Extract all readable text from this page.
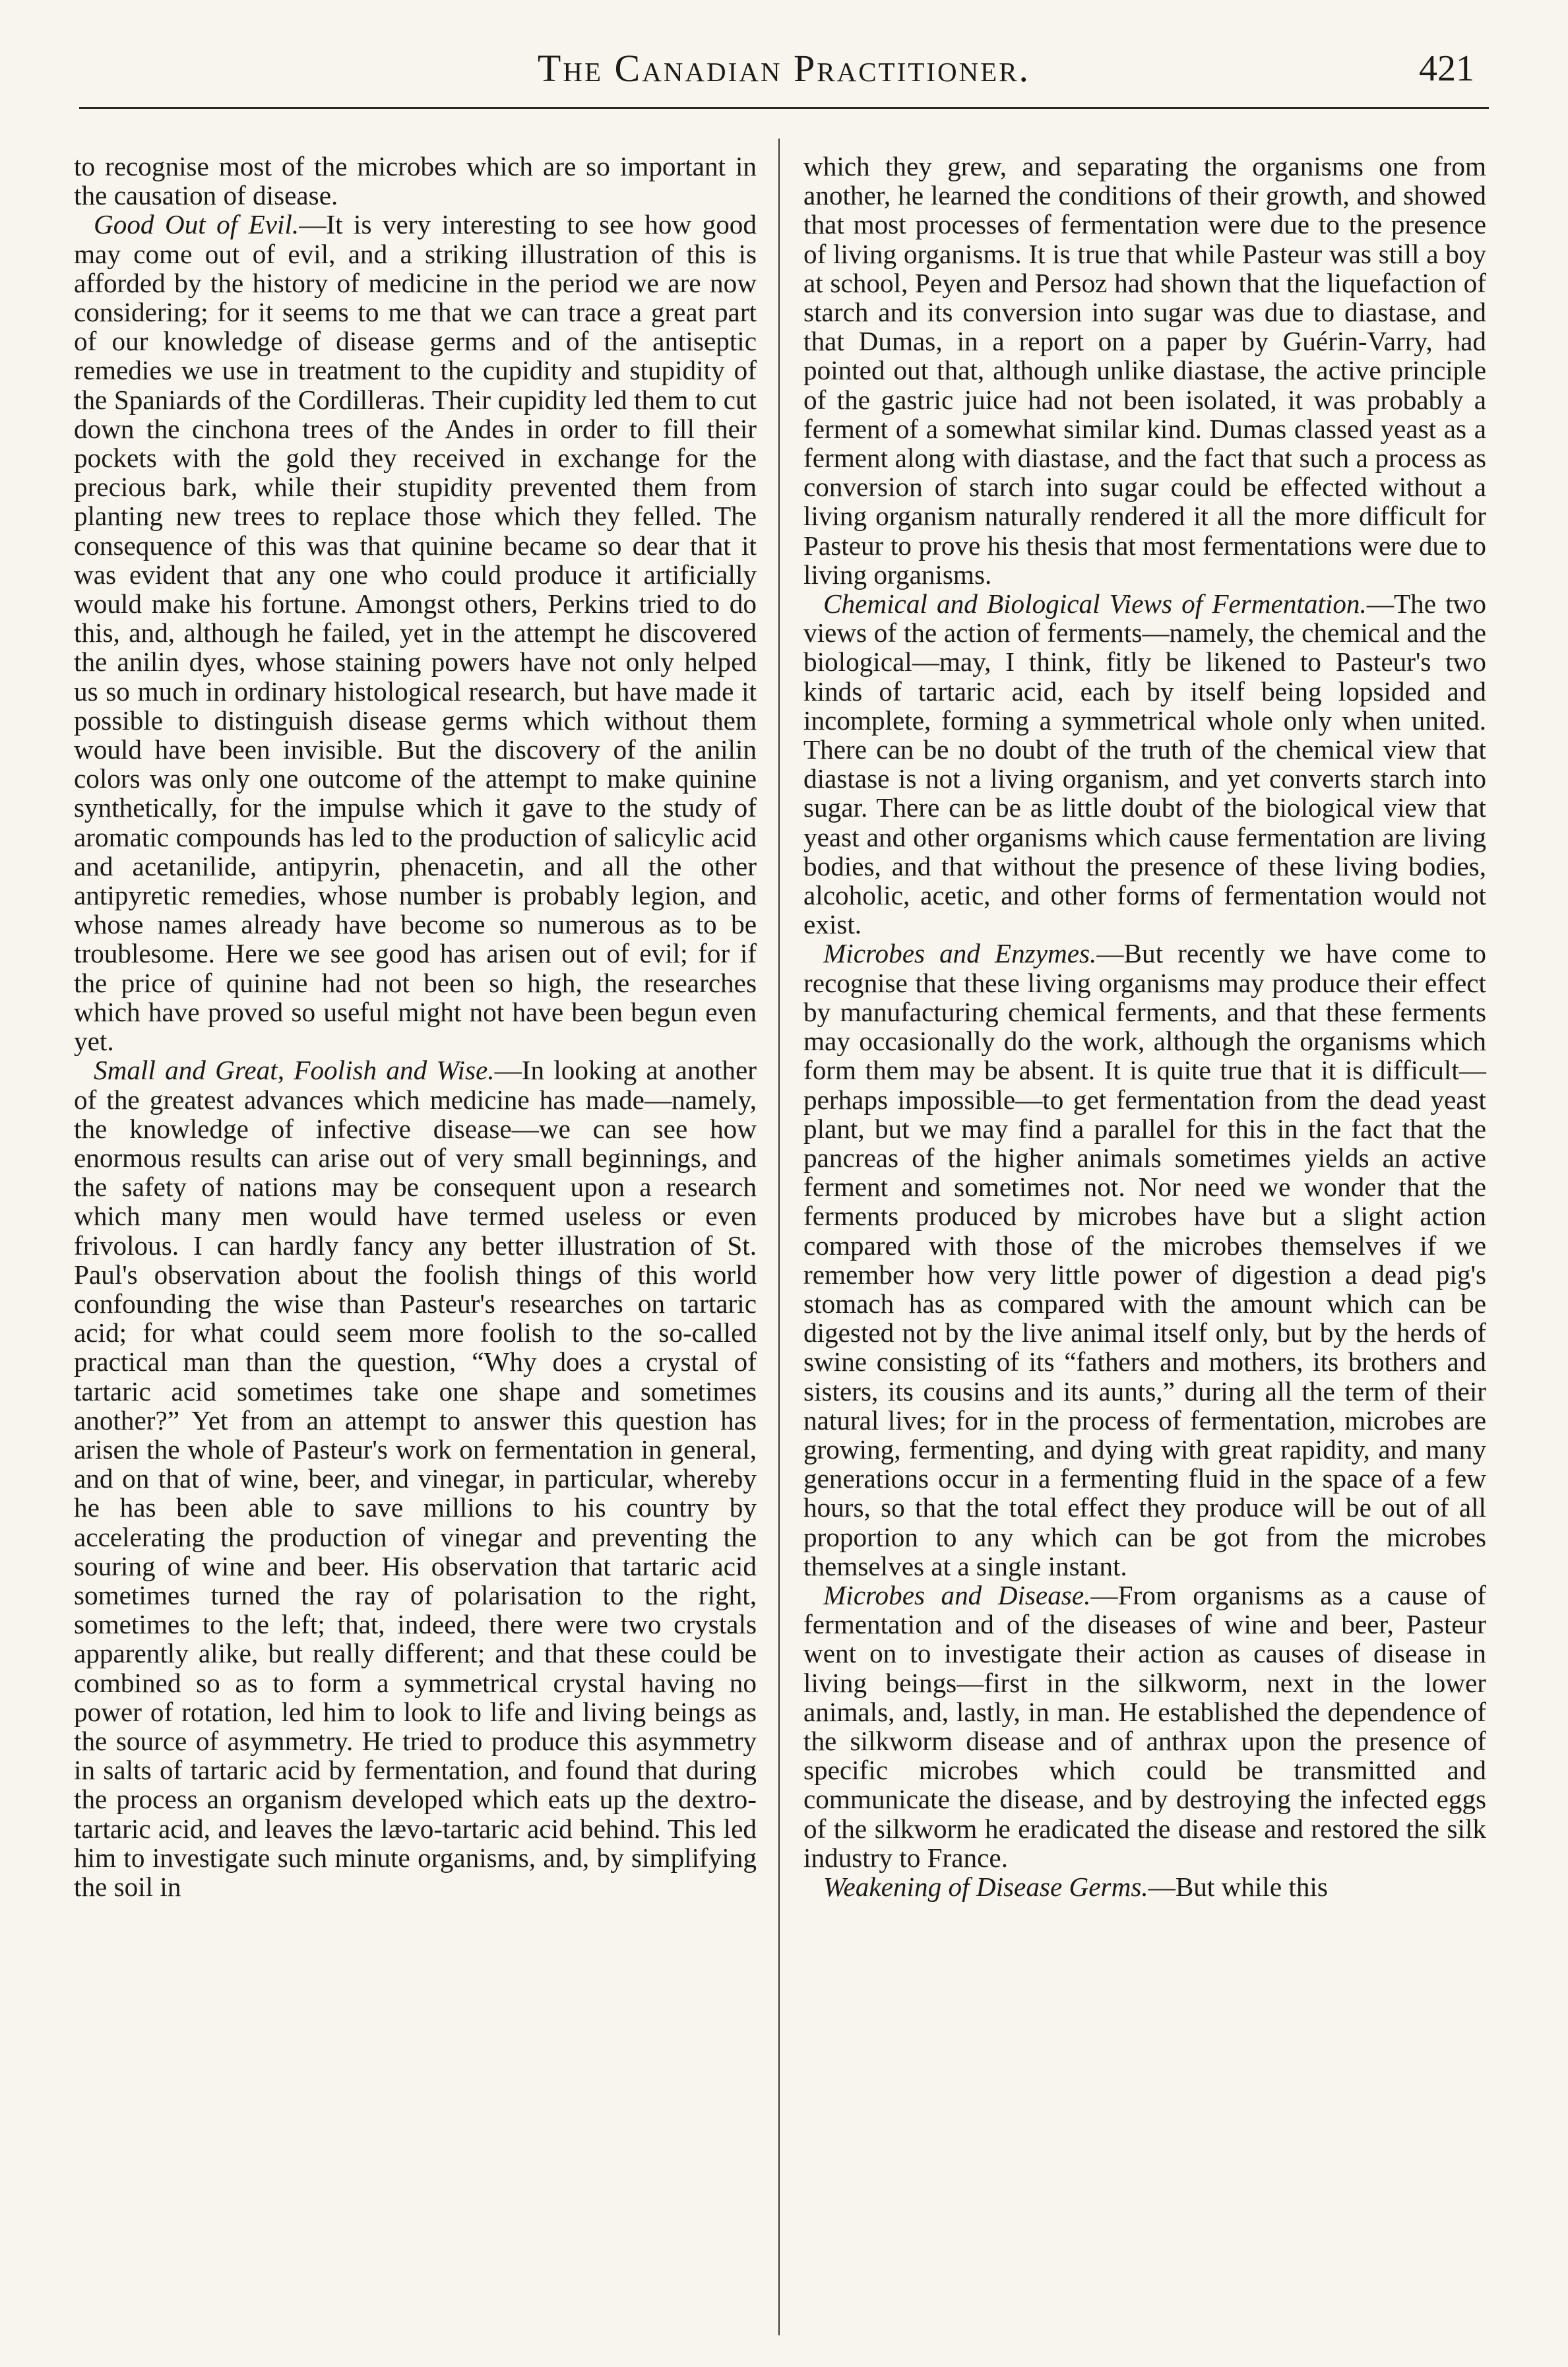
The Canadian Practitioner.	421

to recognise most of the microbes which are so important in the causation of disease.

Good Out of Evil.—It is very interesting to see how good may come out of evil, and a striking illustration of this is afforded by the history of medicine in the period we are now considering; for it seems to me that we can trace a great part of our knowledge of disease germs and of the antiseptic remedies we use in treatment to the cupidity and stupidity of the Spaniards of the Cordilleras. Their cupidity led them to cut down the cinchona trees of the Andes in order to fill their pockets with the gold they received in exchange for the precious bark, while their stupidity prevented them from planting new trees to replace those which they felled. The consequence of this was that quinine became so dear that it was evident that any one who could produce it artificially would make his fortune. Amongst others, Perkins tried to do this, and, although he failed, yet in the attempt he discovered the anilin dyes, whose staining powers have not only helped us so much in ordinary histological research, but have made it possible to distinguish disease germs which without them would have been invisible. But the discovery of the anilin colors was only one outcome of the attempt to make quinine synthetically, for the impulse which it gave to the study of aromatic compounds has led to the production of salicylic acid and acetanilide, antipyrin, phenacetin, and all the other antipyretic remedies, whose number is probably legion, and whose names already have become so numerous as to be troublesome. Here we see good has arisen out of evil; for if the price of quinine had not been so high, the researches which have proved so useful might not have been begun even yet.

Small and Great, Foolish and Wise.—In looking at another of the greatest advances which medicine has made—namely, the knowledge of infective disease—we can see how enormous results can arise out of very small beginnings, and the safety of nations may be consequent upon a research which many men would have termed useless or even frivolous. I can hardly fancy any better illustration of St. Paul's observation about the foolish things of this world confounding the wise than Pasteur's researches on tartaric acid; for what could seem more foolish to the so-called practical man than the question, “Why does a crystal of tartaric acid sometimes take one shape and sometimes another?” Yet from an attempt to answer this question has arisen the whole of Pasteur's work on fermentation in general, and on that of wine, beer, and vinegar, in particular, whereby he has been able to save millions to his country by accelerating the production of vinegar and preventing the souring of wine and beer. His observation that tartaric acid sometimes turned the ray of polarisation to the right, sometimes to the left; that, indeed, there were two crystals apparently alike, but really different; and that these could be combined so as to form a symmetrical crystal having no power of rotation, led him to look to life and living beings as the source of asymmetry. He tried to produce this asymmetry in salts of tartaric acid by fermentation, and found that during the process an organism developed which eats up the dextro-tartaric acid, and leaves the lævo-tartaric acid behind. This led him to investigate such minute organisms, and, by simplifying the soil in

which they grew, and separating the organisms one from another, he learned the conditions of their growth, and showed that most processes of fermentation were due to the presence of living organisms. It is true that while Pasteur was still a boy at school, Peyen and Persoz had shown that the liquefaction of starch and its conversion into sugar was due to diastase, and that Dumas, in a report on a paper by Guérin-Varry, had pointed out that, although unlike diastase, the active principle of the gastric juice had not been isolated, it was probably a ferment of a somewhat similar kind. Dumas classed yeast as a ferment along with diastase, and the fact that such a process as conversion of starch into sugar could be effected without a living organism naturally rendered it all the more difficult for Pasteur to prove his thesis that most fermentations were due to living organisms.

Chemical and Biological Views of Fermentation.—The two views of the action of ferments—namely, the chemical and the biological—may, I think, fitly be likened to Pasteur's two kinds of tartaric acid, each by itself being lopsided and incomplete, forming a symmetrical whole only when united. There can be no doubt of the truth of the chemical view that diastase is not a living organism, and yet converts starch into sugar. There can be as little doubt of the biological view that yeast and other organisms which cause fermentation are living bodies, and that without the presence of these living bodies, alcoholic, acetic, and other forms of fermentation would not exist.

Microbes and Enzymes.—But recently we have come to recognise that these living organisms may produce their effect by manufacturing chemical ferments, and that these ferments may occasionally do the work, although the organisms which form them may be absent. It is quite true that it is difficult—perhaps impossible—to get fermentation from the dead yeast plant, but we may find a parallel for this in the fact that the pancreas of the higher animals sometimes yields an active ferment and sometimes not. Nor need we wonder that the ferments produced by microbes have but a slight action compared with those of the microbes themselves if we remember how very little power of digestion a dead pig's stomach has as compared with the amount which can be digested not by the live animal itself only, but by the herds of swine consisting of its “fathers and mothers, its brothers and sisters, its cousins and its aunts,” during all the term of their natural lives; for in the process of fermentation, microbes are growing, fermenting, and dying with great rapidity, and many generations occur in a fermenting fluid in the space of a few hours, so that the total effect they produce will be out of all proportion to any which can be got from the microbes themselves at a single instant.

Microbes and Disease.—From organisms as a cause of fermentation and of the diseases of wine and beer, Pasteur went on to investigate their action as causes of disease in living beings—first in the silkworm, next in the lower animals, and, lastly, in man. He established the dependence of the silkworm disease and of anthrax upon the presence of specific microbes which could be transmitted and communicate the disease, and by destroying the infected eggs of the silkworm he eradicated the disease and restored the silk industry to France.

Weakening of Disease Germs.—But while this
